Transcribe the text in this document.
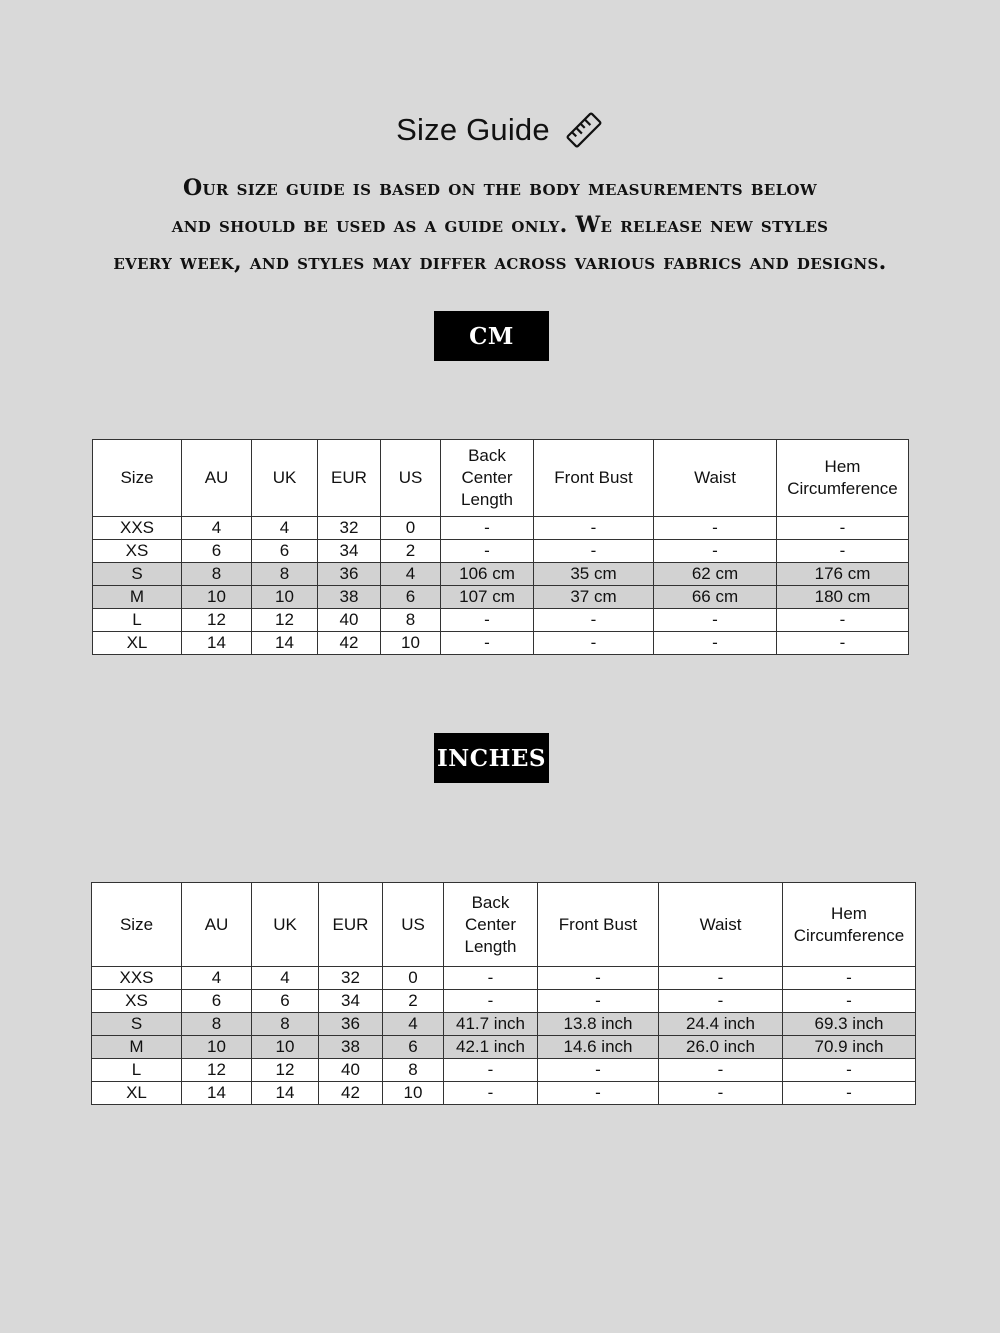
Size Guide
Our size guide is based on the body measurements below
and should be used as a guide only. We release new styles
every week, and styles may differ across various fabrics and designs.
CM
Size	AU	UK	EUR	US	Back Center Length	Front Bust	Waist	Hem Circumference
XXS	4	4	32	0	-	-	-	-
XS	6	6	34	2	-	-	-	-
S	8	8	36	4	106 cm	35 cm	62 cm	176 cm
M	10	10	38	6	107 cm	37 cm	66 cm	180 cm
L	12	12	40	8	-	-	-	-
XL	14	14	42	10	-	-	-	-
INCHES
Size	AU	UK	EUR	US	Back Center Length	Front Bust	Waist	Hem Circumference
XXS	4	4	32	0	-	-	-	-
XS	6	6	34	2	-	-	-	-
S	8	8	36	4	41.7 inch	13.8 inch	24.4 inch	69.3 inch
M	10	10	38	6	42.1 inch	14.6 inch	26.0 inch	70.9 inch
L	12	12	40	8	-	-	-	-
XL	14	14	42	10	-	-	-	-
